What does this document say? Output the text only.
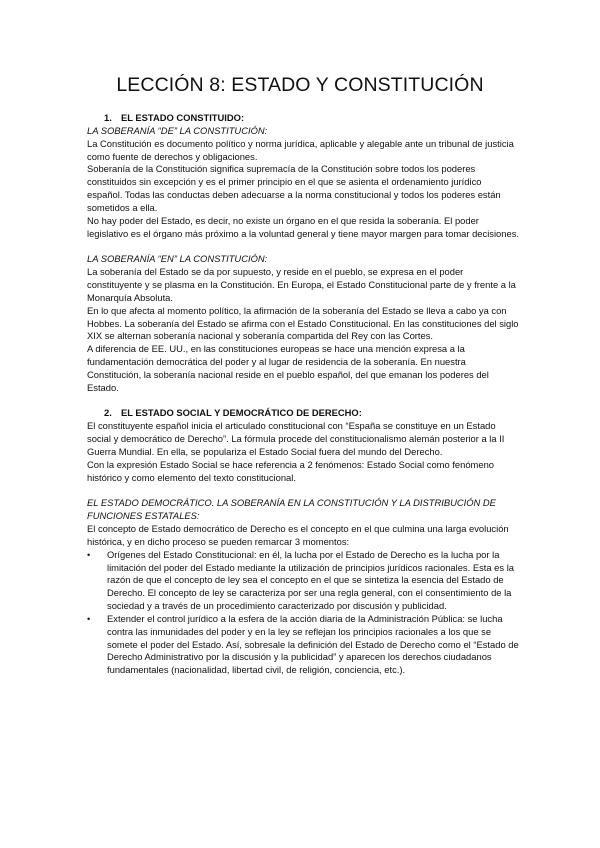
LECCIÓN 8: ESTADO Y CONSTITUCIÓN
1. EL ESTADO CONSTITUIDO:
LA SOBERANÍA “DE” LA CONSTITUCIÓN:

La Constitución es documento político y norma jurídica, aplicable y alegable ante un tribunal de justicia como fuente de derechos y obligaciones.

Soberanía de la Constitución significa supremacía de la Constitución sobre todos los poderes constituidos sin excepción y es el primer principio en el que se asienta el ordenamiento jurídico español. Todas las conductas deben adecuarse a la norma constitucional y todos los poderes están sometidos a ella.

No hay poder del Estado, es decir, no existe un órgano en el que resida la soberanía. El poder legislativo es el órgano más próximo a la voluntad general y tiene mayor margen para tomar decisiones.

LA SOBERANÍA “EN” LA CONSTITUCIÓN:

La soberanía del Estado se da por supuesto, y reside en el pueblo, se expresa en el poder constituyente y se plasma en la Constitución. En Europa, el Estado Constitucional parte de y frente a la Monarquía Absoluta.

En lo que afecta al momento político, la afirmación de la soberanía del Estado se lleva a cabo ya con Hobbes. La soberanía del Estado se afirma con el Estado Constitucional. En las constituciones del siglo XIX se alternan soberanía nacional y soberanía compartida del Rey con las Cortes.

A diferencia de EE. UU., en las constituciones europeas se hace una mención expresa a la fundamentación democrática del poder y al lugar de residencia de la soberanía. En nuestra Constitución, la soberanía nacional reside en el pueblo español, del que emanan los poderes del Estado.

2. EL ESTADO SOCIAL Y DEMOCRÁTICO DE DERECHO:

El constituyente español inicia el articulado constitucional con “España se constituye en un Estado social y democrático de Derecho”. La fórmula procede del constitucionalismo alemán posterior a la II Guerra Mundial. En ella, se populariza el Estado Social fuera del mundo del Derecho.

Con la expresión Estado Social se hace referencia a 2 fenómenos: Estado Social como fenómeno histórico y como elemento del texto constitucional.

EL ESTADO DEMOCRÁTICO. LA SOBERANÍA EN LA CONSTITUCIÓN Y LA DISTRIBUCIÓN DE FUNCIONES ESTATALES:

El concepto de Estado democrático de Derecho es el concepto en el que culmina una larga evolución histórica, y en dicho proceso se pueden remarcar 3 momentos:

•	Orígenes del Estado Constitucional: en él, la lucha por el Estado de Derecho es la lucha por la limitación del poder del Estado mediante la utilización de principios jurídicos racionales. Esta es la razón de que el concepto de ley sea el concepto en el que se sintetiza la esencia del Estado de Derecho. El concepto de ley se caracteriza por ser una regla general, con el consentimiento de la sociedad y a través de un procedimiento caracterizado por discusión y publicidad.
•	Extender el control jurídico a la esfera de la acción diaria de la Administración Pública: se lucha contra las inmunidades del poder y en la ley se reflejan los principios racionales a los que se somete el poder del Estado. Así, sobresale la definición del Estado de Derecho como el “Estado de Derecho Administrativo por la discusión y la publicidad” y aparecen los derechos ciudadanos fundamentales (nacionalidad, libertad civil, de religión, conciencia, etc.).
